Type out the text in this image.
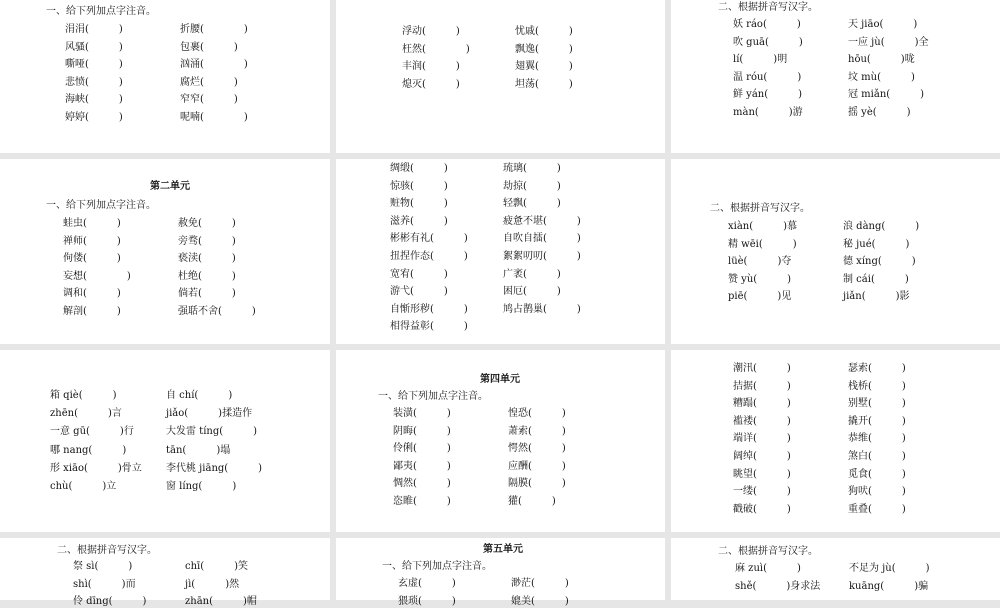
一、给下列加点字注音。
涓涓(　　　)	折腰(　　　　)
风骚(　　　)	包裹(　　　)
嘶哑(　　　)	汹涌(　　　　)
悲愤(　　　)	腐烂(　　　)
海峡(　　　)	窄窄(　　　)
婷婷(　　　)	呢喃(　　　　)
浮动(　　　)	忧戚(　　　)
枉然(　　　　)	飘逸(　　　)
丰润(　　　)	翅翼(　　　)
熄灭(　　　)	坦荡(　　　)
二、根据拼音写汉字。
妖 ráo(　　　)	天 jiāo(　　　)
吹 guā(　　　)	一应 jù(　　　)全
lí(　　　)明	hōu(　　　)咙
温 róu(　　　)	坟 mù(　　　)
鲜 yán(　　　)	冠 miǎn(　　　)
màn(　　　)游	摇 yè(　　　)
第二单元
一、给下列加点字注音。
蛙虫(　　　)	赦免(　　　)
禅师(　　　)	旁骛(　　　)
佝偻(　　　)	亵渎(　　　)
妄想(　　　　)	杜绝(　　　)
调和(　　　)	倘若(　　　)
解剖(　　　)	强聒不舍(　　　)
绸缎(　　　)	琉璃(　　　)
惊骇(　　　)	劫掠(　　　)
赃物(　　　)	轻飘(　　　)
滋养(　　　)	疲惫不堪(　　　)
彬彬有礼(　　　)	自吹自擂(　　　)
扭捏作态(　　　)	絮絮叨叨(　　　)
宽宥(　　　)	广袤(　　　)
游弋(　　　)	困厄(　　　)
自惭形秽(　　　)	鸠占鹊巢(　　　)
相得益彰(　　　)
二、根据拼音写汉字。
xiàn(　　　)慕	浪 dàng(　　　)
精 wēi(　　　)	秘 jué(　　　)
lüè(　　　)夺	德 xíng(　　　)
赞 yù(　　　)	制 cái(　　　)
piē(　　　)见	jiǎn(　　　)影
箱 qiè(　　　)	自 chí(　　　)
zhēn(　　　)言	jiǎo(　　　)揉造作
一意 gū(　　　)行	大发雷 tíng(　　　)
哪 nang(　　　)	tān(　　　)塌
形 xiāo(　　　)骨立 李代桃 jiāng(　　　)
chù(　　　)立	窗 líng(　　　)
第四单元
一、给下列加点字注音。
装潢(　　　)	惶恐(　　　)
阴晦(　　　)	萧索(　　　)
伶俐(　　　)	愕然(　　　)
鄙夷(　　　)	应酬(　　　)
惆然(　　　)	隔膜(　　　)
恣睢(　　　)	獾(　　　)
潮汛(　　　)	瑟索(　　　)
拮据(　　　)	栈桥(　　　)
糟蹋(　　　)	别墅(　　　)
褴褛(　　　)	撬开(　　　)
端详(　　　)	恭维(　　　)
阔绰(　　　)	煞白(　　　)
眺望(　　　)	觅食(　　　)
一缕(　　　)	狗吠(　　　)
戳破(　　　)	重叠(　　　)
二、根据拼音写汉字。
祭 sì(　　　)	chī(　　　)笑
shì(　　　)而	jì(　　　)然
伶 dīng(　　　)	zhān(　　　)帽
第五单元
一、给下列加点字注音。
玄虚(　　　)	渺茫(　　　)
猥琐(　　　)	媲美(　　　)
二、根据拼音写汉字。
麻 zuì(　　　)	不足为 jù(　　　)
shě(　　　)身求法	kuāng(　　　)骗
